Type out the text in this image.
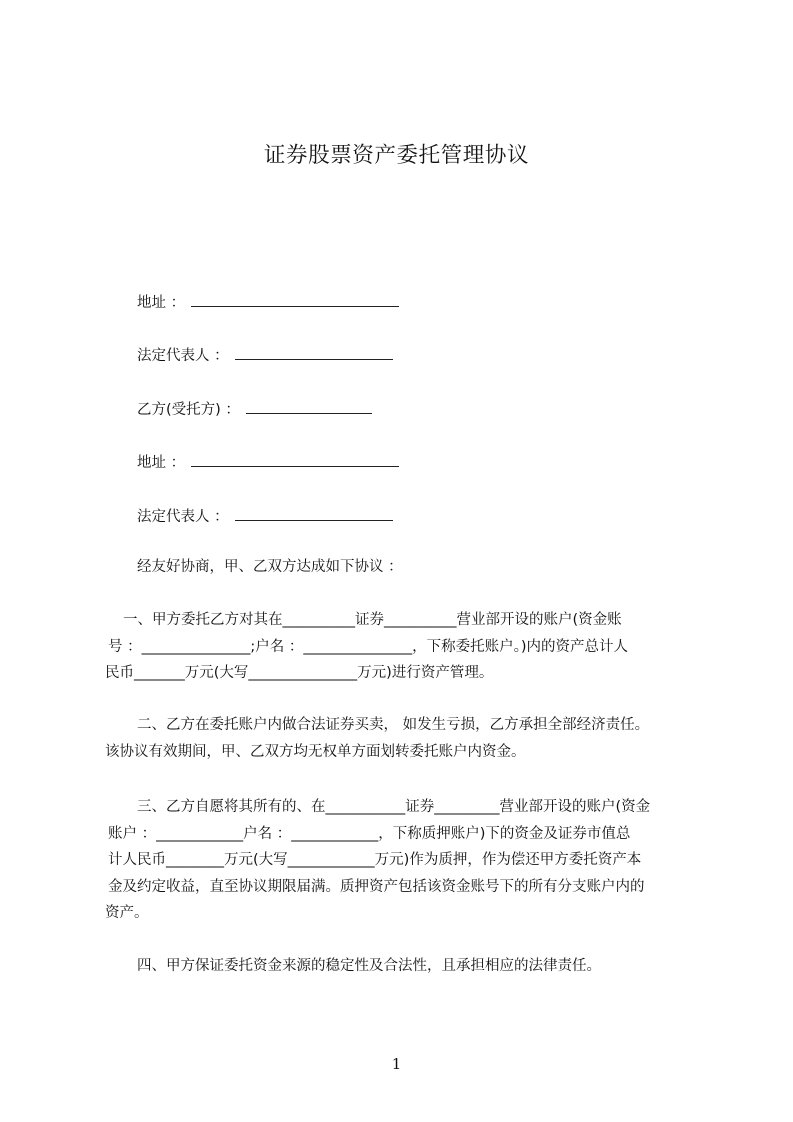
证券股票资产委托管理协议
地址 ：
法定代表人 ：
乙方(受托方) ：
地址 ：
法定代表人 ：
经友好协商，甲、乙双方达成如下协议 ：
一、甲方委托乙方对其在__________证券__________营业部开设的账户(资金账
号 ：_______________;户名 ：_______________，下称委托账户。)内的资产总计人
民币_______万元(大写_______________万元)进行资产管理。
二、乙方在委托账户内做合法证券买卖， 如发生亏损，乙方承担全部经济责任。
该协议有效期间，甲、乙双方均无权单方面划转委托账户内资金。
三、乙方自愿将其所有的、在___________证券_________营业部开设的账户(资金
账户 ：____________户名 ：____________，下称质押账户)下的资金及证券市值总
计人民币________万元(大写____________万元)作为质押，作为偿还甲方委托资产本
金及约定收益，直至协议期限届满。质押资产包括该资金账号下的所有分支账户内的
资产。
四、甲方保证委托资金来源的稳定性及合法性，且承担相应的法律责任。
1
